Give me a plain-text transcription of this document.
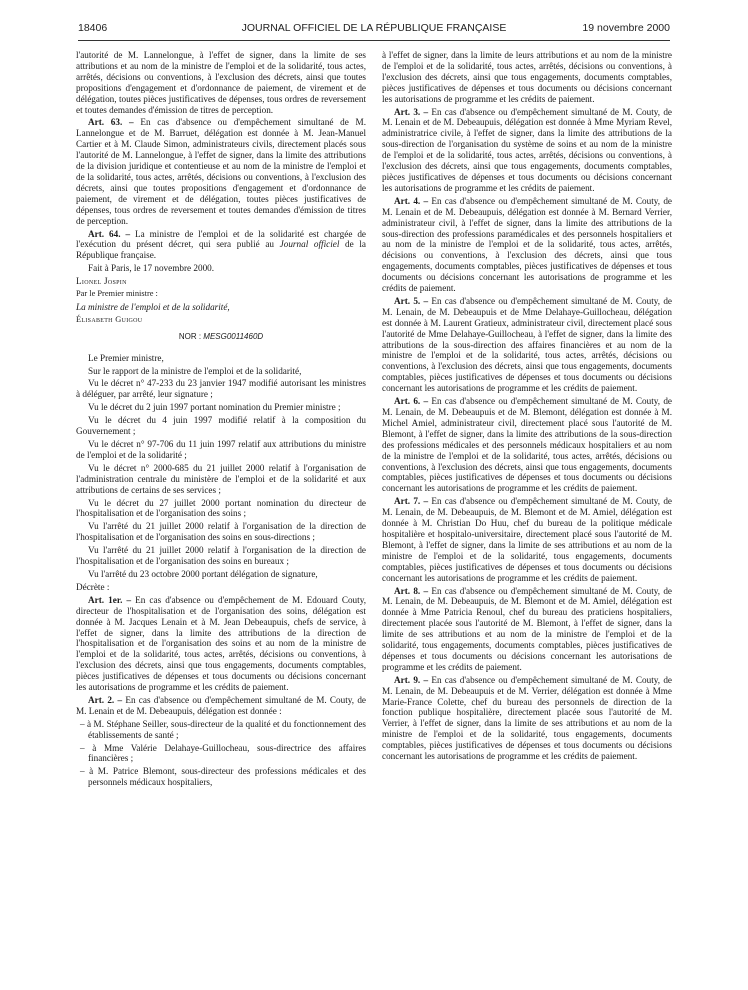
18406	JOURNAL OFFICIEL DE LA RÉPUBLIQUE FRANÇAISE	19 novembre 2000

l'autorité de M. Lannelongue, à l'effet de signer, dans la limite de ses attributions et au nom de la ministre de l'emploi et de la solidarité, tous actes, arrêtés, décisions ou conventions, à l'exclusion des décrets, ainsi que toutes propositions d'engagement et d'ordonnance de paiement, de virement et de délégation, toutes pièces justificatives de dépenses, tous ordres de reversement et toutes demandes d'émission de titres de perception.

Art. 63. – En cas d'absence ou d'empêchement simultané de M. Lannelongue et de M. Barruet, délégation est donnée à M. Jean-Manuel Cartier et à M. Claude Simon, administrateurs civils, directement placés sous l'autorité de M. Lannelongue, à l'effet de signer, dans la limite des attributions de la division juridique et contentieuse et au nom de la ministre de l'emploi et de la solidarité, tous actes, arrêtés, décisions ou conventions, à l'exclusion des décrets, ainsi que toutes propositions d'engagement et d'ordonnance de paiement, de virement et de délégation, toutes pièces justificatives de dépenses, tous ordres de reversement et toutes demandes d'émission de titres de perception.

Art. 64. – La ministre de l'emploi et de la solidarité est chargée de l'exécution du présent décret, qui sera publié au Journal officiel de la République française.

Fait à Paris, le 17 novembre 2000.

Lionel Jospin

Par le Premier ministre :

La ministre de l'emploi et de la solidarité,

Élisabeth Guigou

NOR : MESG0011460D

Le Premier ministre,

Sur le rapport de la ministre de l'emploi et de la solidarité,

Vu le décret n° 47-233 du 23 janvier 1947 modifié autorisant les ministres à déléguer, par arrêté, leur signature ;

Vu le décret du 2 juin 1997 portant nomination du Premier ministre ;

Vu le décret du 4 juin 1997 modifié relatif à la composition du Gouvernement ;

Vu le décret n° 97-706 du 11 juin 1997 relatif aux attributions du ministre de l'emploi et de la solidarité ;

Vu le décret n° 2000-685 du 21 juillet 2000 relatif à l'organisation de l'administration centrale du ministère de l'emploi et de la solidarité et aux attributions de certains de ses services ;

Vu le décret du 27 juillet 2000 portant nomination du directeur de l'hospitalisation et de l'organisation des soins ;

Vu l'arrêté du 21 juillet 2000 relatif à l'organisation de la direction de l'hospitalisation et de l'organisation des soins en sous-directions ;

Vu l'arrêté du 21 juillet 2000 relatif à l'organisation de la direction de l'hospitalisation et de l'organisation des soins en bureaux ;

Vu l'arrêté du 23 octobre 2000 portant délégation de signature,

Décrète :

Art. 1er. – En cas d'absence ou d'empêchement de M. Edouard Couty, directeur de l'hospitalisation et de l'organisation des soins, délégation est donnée à M. Jacques Lenain et à M. Jean Debeaupuis, chefs de service, à l'effet de signer, dans la limite des attributions de la direction de l'hospitalisation et de l'organisation des soins et au nom de la ministre de l'emploi et de la solidarité, tous actes, arrêtés, décisions ou conventions, à l'exclusion des décrets, ainsi que tous engagements, documents comptables, pièces justificatives de dépenses et tous documents ou décisions concernant les autorisations de programme et les crédits de paiement.

Art. 2. – En cas d'absence ou d'empêchement simultané de M. Couty, de M. Lenain et de M. Debeaupuis, délégation est donnée :

– à M. Stéphane Seiller, sous-directeur de la qualité et du fonctionnement des établissements de santé ;

– à Mme Valérie Delahaye-Guillocheau, sous-directrice des affaires financières ;

– à M. Patrice Blemont, sous-directeur des professions médicales et des personnels médicaux hospitaliers,

à l'effet de signer, dans la limite de leurs attributions et au nom de la ministre de l'emploi et de la solidarité, tous actes, arrêtés, décisions ou conventions, à l'exclusion des décrets, ainsi que tous engagements, documents comptables, pièces justificatives de dépenses et tous documents ou décisions concernant les autorisations de programme et les crédits de paiement.

Art. 3. – En cas d'absence ou d'empêchement simultané de M. Couty, de M. Lenain et de M. Debeaupuis, délégation est donnée à Mme Myriam Revel, administratrice civile, à l'effet de signer, dans la limite des attributions de la sous-direction de l'organisation du système de soins et au nom de la ministre de l'emploi et de la solidarité, tous actes, arrêtés, décisions ou conventions, à l'exclusion des décrets, ainsi que tous engagements, documents comptables, pièces justificatives de dépenses et tous documents ou décisions concernant les autorisations de programme et les crédits de paiement.

Art. 4. – En cas d'absence ou d'empêchement simultané de M. Couty, de M. Lenain et de M. Debeaupuis, délégation est donnée à M. Bernard Verrier, administrateur civil, à l'effet de signer, dans la limite des attributions de la sous-direction des professions paramédicales et des personnels hospitaliers et au nom de la ministre de l'emploi et de la solidarité, tous actes, arrêtés, décisions ou conventions, à l'exclusion des décrets, ainsi que tous engagements, documents comptables, pièces justificatives de dépenses et tous documents ou décisions concernant les autorisations de programme et les crédits de paiement.

Art. 5. – En cas d'absence ou d'empêchement simultané de M. Couty, de M. Lenain, de M. Debeaupuis et de Mme Delahaye-Guillocheau, délégation est donnée à M. Laurent Gratieux, administrateur civil, directement placé sous l'autorité de Mme Delahaye-Guillocheau, à l'effet de signer, dans la limite des attributions de la sous-direction des affaires financières et au nom de la ministre de l'emploi et de la solidarité, tous actes, arrêtés, décisions ou conventions, à l'exclusion des décrets, ainsi que tous engagements, documents comptables, pièces justificatives de dépenses et tous documents ou décisions concernant les autorisations de programme et les crédits de paiement.

Art. 6. – En cas d'absence ou d'empêchement simultané de M. Couty, de M. Lenain, de M. Debeaupuis et de M. Blemont, délégation est donnée à M. Michel Amiel, administrateur civil, directement placé sous l'autorité de M. Blemont, à l'effet de signer, dans la limite des attributions de la sous-direction des professions médicales et des personnels médicaux hospitaliers et au nom de la ministre de l'emploi et de la solidarité, tous actes, arrêtés, décisions ou conventions, à l'exclusion des décrets, ainsi que tous engagements, documents comptables, pièces justificatives de dépenses et tous documents ou décisions concernant les autorisations de programme et les crédits de paiement.

Art. 7. – En cas d'absence ou d'empêchement simultané de M. Couty, de M. Lenain, de M. Debeaupuis, de M. Blemont et de M. Amiel, délégation est donnée à M. Christian Do Huu, chef du bureau de la politique médicale hospitalière et hospitalo-universitaire, directement placé sous l'autorité de M. Blemont, à l'effet de signer, dans la limite de ses attributions et au nom de la ministre de l'emploi et de la solidarité, tous engagements, documents comptables, pièces justificatives de dépenses et tous documents ou décisions concernant les autorisations de programme et les crédits de paiement.

Art. 8. – En cas d'absence ou d'empêchement simultané de M. Couty, de M. Lenain, de M. Debeaupuis, de M. Blemont et de M. Amiel, délégation est donnée à Mme Patricia Renoul, chef du bureau des praticiens hospitaliers, directement placée sous l'autorité de M. Blemont, à l'effet de signer, dans la limite de ses attributions et au nom de la ministre de l'emploi et de la solidarité, tous engagements, documents comptables, pièces justificatives de dépenses et tous documents ou décisions concernant les autorisations de programme et les crédits de paiement.

Art. 9. – En cas d'absence ou d'empêchement simultané de M. Couty, de M. Lenain, de M. Debeaupuis et de M. Verrier, délégation est donnée à Mme Marie-France Colette, chef du bureau des personnels de direction de la fonction publique hospitalière, directement placée sous l'autorité de M. Verrier, à l'effet de signer, dans la limite de ses attributions et au nom de la ministre de l'emploi et de la solidarité, tous engagements, documents comptables, pièces justificatives de dépenses et tous documents ou décisions concernant les autorisations de programme et les crédits de paiement.
